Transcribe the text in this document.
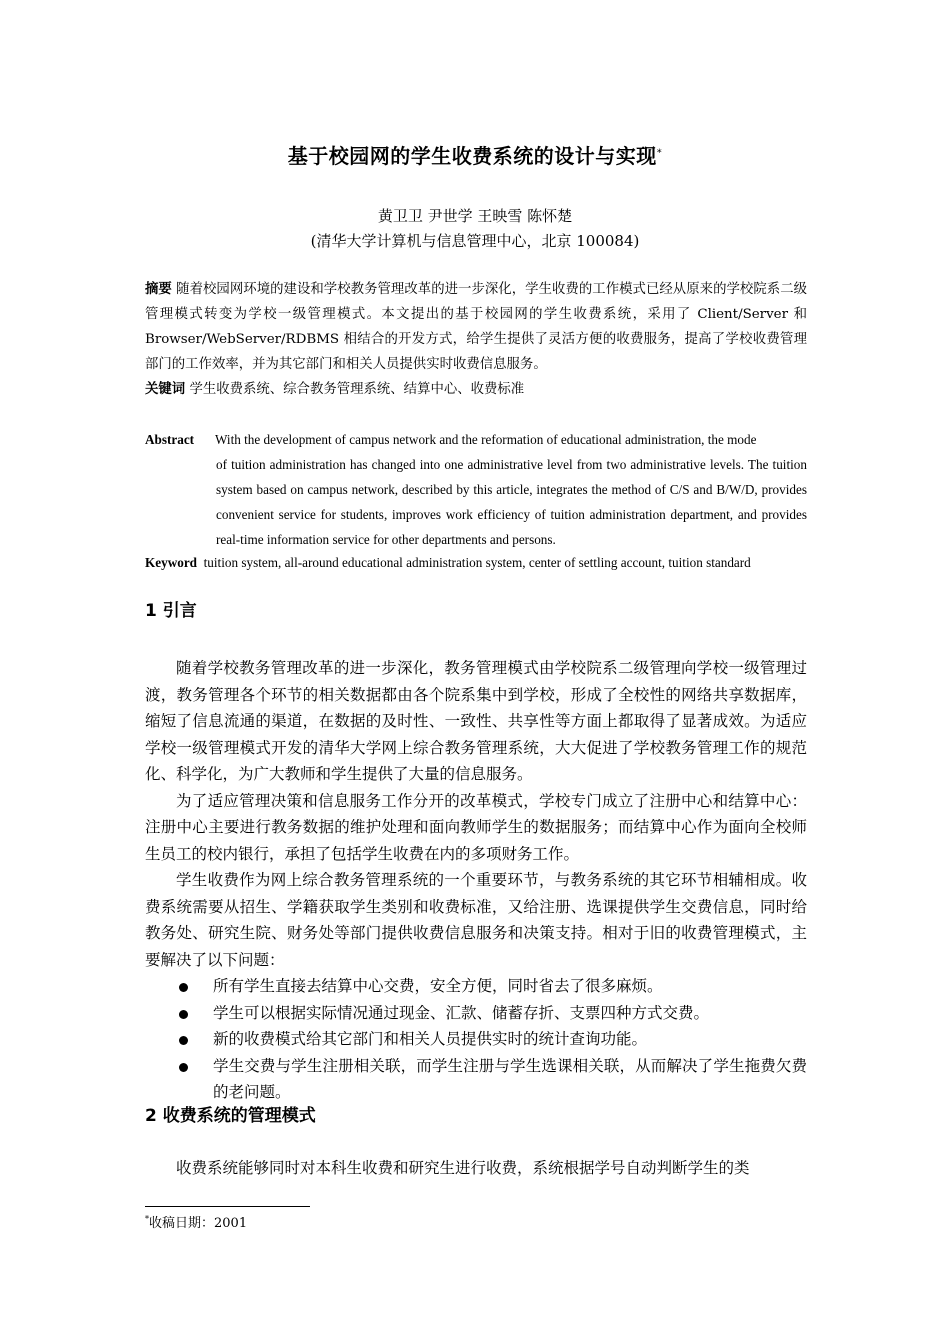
基于校园网的学生收费系统的设计与实现*
黄卫卫 尹世学 王映雪 陈怀楚
(清华大学计算机与信息管理中心，北京 100084)
摘要 随着校园网环境的建设和学校教务管理改革的进一步深化，学生收费的工作模式已经从原来的学校院系二级管理模式转变为学校一级管理模式。本文提出的基于校园网的学生收费系统，采用了 Client/Server 和 Browser/WebServer/RDBMS 相结合的开发方式，给学生提供了灵活方便的收费服务，提高了学校收费管理部门的工作效率，并为其它部门和相关人员提供实时收费信息服务。
关键词 学生收费系统、综合教务管理系统、结算中心、收费标准
Abstract With the development of campus network and the reformation of educational administration, the mode
of tuition administration has changed into one administrative level from two administrative levels. The tuition system based on campus network, described by this article, integrates the method of C/S and B/W/D, provides convenient service for students, improves work efficiency of tuition administration department, and provides real-time information service for other departments and persons.
Keyword tuition system, all-around educational administration system, center of settling account, tuition standard
1 引言

随着学校教务管理改革的进一步深化，教务管理模式由学校院系二级管理向学校一级管理过渡，教务管理各个环节的相关数据都由各个院系集中到学校，形成了全校性的网络共享数据库，缩短了信息流通的渠道，在数据的及时性、一致性、共享性等方面上都取得了显著成效。为适应学校一级管理模式开发的清华大学网上综合教务管理系统，大大促进了学校教务管理工作的规范化、科学化，为广大教师和学生提供了大量的信息服务。

为了适应管理决策和信息服务工作分开的改革模式，学校专门成立了注册中心和结算中心：注册中心主要进行教务数据的维护处理和面向教师学生的数据服务；而结算中心作为面向全校师生员工的校内银行，承担了包括学生收费在内的多项财务工作。

学生收费作为网上综合教务管理系统的一个重要环节，与教务系统的其它环节相辅相成。收费系统需要从招生、学籍获取学生类别和收费标准，又给注册、选课提供学生交费信息，同时给教务处、研究生院、财务处等部门提供收费信息服务和决策支持。相对于旧的收费管理模式，主要解决了以下问题：

所有学生直接去结算中心交费，安全方便，同时省去了很多麻烦。
学生可以根据实际情况通过现金、汇款、储蓄存折、支票四种方式交费。
新的收费模式给其它部门和相关人员提供实时的统计查询功能。
学生交费与学生注册相关联，而学生注册与学生选课相关联，从而解决了学生拖费欠费的老问题。
2 收费系统的管理模式

收费系统能够同时对本科生收费和研究生进行收费，系统根据学号自动判断学生的类

*收稿日期：2001
